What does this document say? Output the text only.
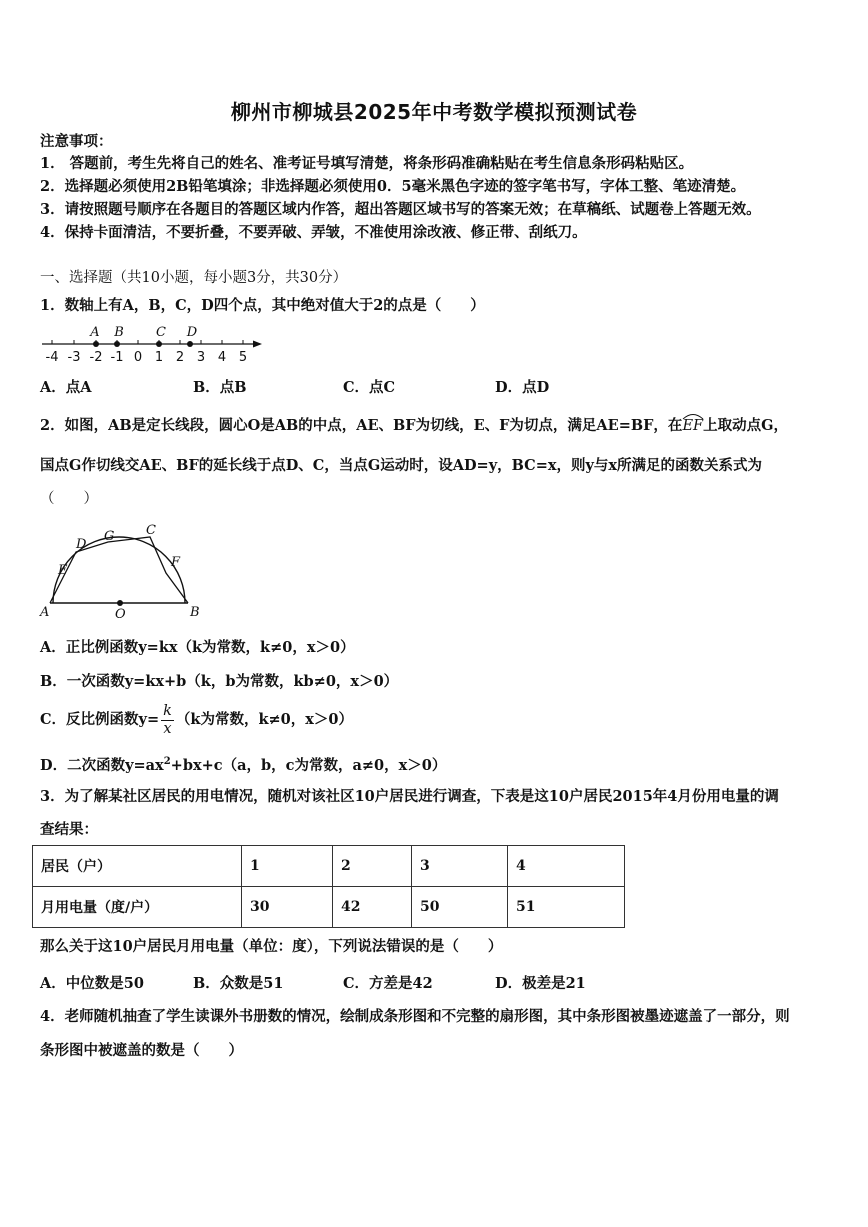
柳州市柳城县2025年中考数学模拟预测试卷
注意事项：
1． 答题前，考生先将自己的姓名、准考证号填写清楚，将条形码准确粘贴在考生信息条形码粘贴区。
2．选择题必须使用2B铅笔填涂；非选择题必须使用0．5毫米黑色字迹的签字笔书写，字体工整、笔迹清楚。
3．请按照题号顺序在各题目的答题区域内作答，超出答题区域书写的答案无效；在草稿纸、试题卷上答题无效。
4．保持卡面清洁，不要折叠，不要弄破、弄皱，不准使用涂改液、修正带、刮纸刀。
一、选择题（共10小题，每小题3分，共30分）
1．数轴上有A，B，C，D四个点，其中绝对值大于2的点是（　　）
-4 -3 -2 -1 0 1 2 3 4 5
A B C D
A．点A	B．点B	C．点C	D．点D
2．如图，AB是定长线段，圆心O是AB的中点，AE、BF为切线，E、F为切点，满足AE=BF，在
EF上取动点G，
国点G作切线交AE、BF的延长线于点D、C，当点G运动时，设AD=y，BC=x，则y与x所满足的函数关系式为
（　　）
D
G C
E
F
A	O	B
A．正比例函数y=kx（k为常数，k≠0，x＞0）
B．一次函数y=kx+b（k，b为常数，kb≠0，x＞0）
C．反比例函数$y= \frac{k}{x} (k$为常数，k≠0，x＞0）
D．二次函数$y=ax^2+bx+c(a$，b，c为常数，a≠0，x＞0）
3．为了解某社区居民的用电情况，随机对该社区10户居民进行调查，下表是这10户居民2015年4月份用电量的调
查结果：
居民（户）	1	2	3	4
月用电量（度/户）	30	42	50	51
那么关于这10户居民月用电量（单位：度），下列说法错误的是（　　）
A．中位数是50	B．众数是51	C．方差是42	D．极差是21
4．老师随机抽查了学生读课外书册数的情况，绘制成条形图和不完整的扇形图，其中条形图被墨迹遮盖了一部分，则
条形图中被遮盖的数是（　　）
